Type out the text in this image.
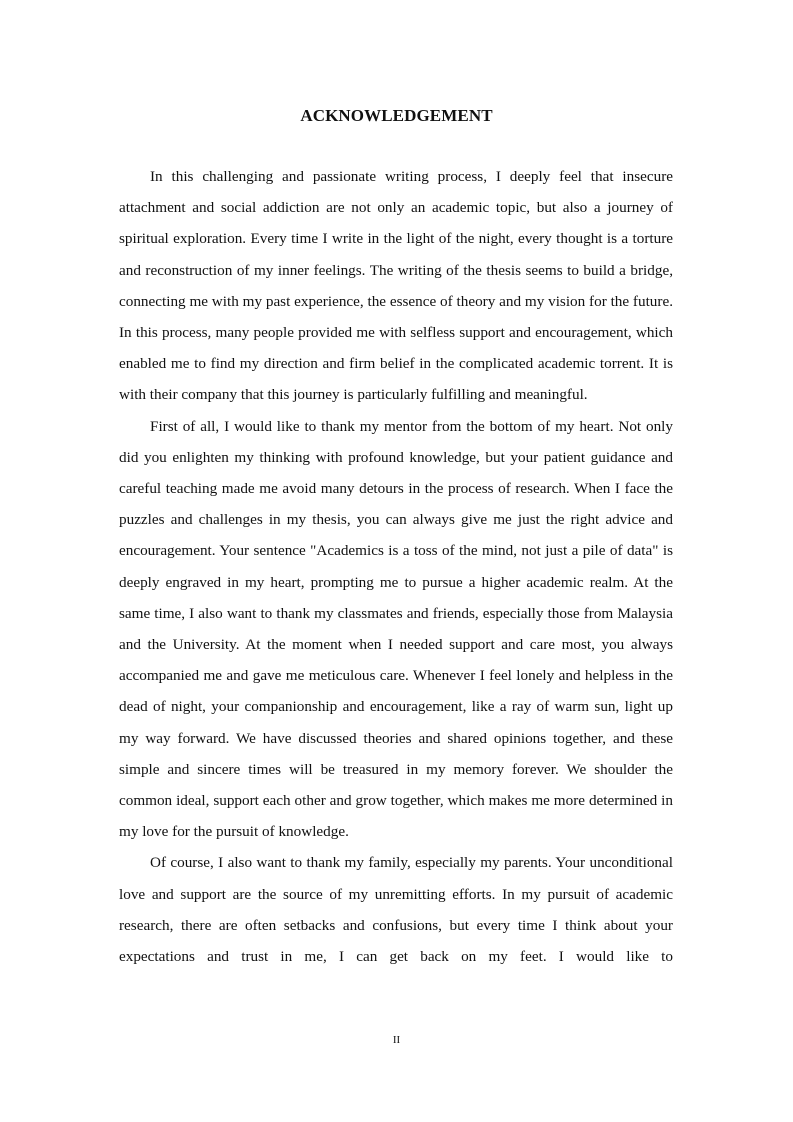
ACKNOWLEDGEMENT

In this challenging and passionate writing process, I deeply feel that insecure attachment and social addiction are not only an academic topic, but also a journey of spiritual exploration. Every time I write in the light of the night, every thought is a torture and reconstruction of my inner feelings. The writing of the thesis seems to build a bridge, connecting me with my past experience, the essence of theory and my vision for the future. In this process, many people provided me with selfless support and encouragement, which enabled me to find my direction and firm belief in the complicated academic torrent. It is with their company that this journey is particularly fulfilling and meaningful.

First of all, I would like to thank my mentor from the bottom of my heart. Not only did you enlighten my thinking with profound knowledge, but your patient guidance and careful teaching made me avoid many detours in the process of research. When I face the puzzles and challenges in my thesis, you can always give me just the right advice and encouragement. Your sentence "Academics is a toss of the mind, not just a pile of data" is deeply engraved in my heart, prompting me to pursue a higher academic realm. At the same time, I also want to thank my classmates and friends, especially those from Malaysia and the University. At the moment when I needed support and care most, you always accompanied me and gave me meticulous care. Whenever I feel lonely and helpless in the dead of night, your companionship and encouragement, like a ray of warm sun, light up my way forward. We have discussed theories and shared opinions together, and these simple and sincere times will be treasured in my memory forever. We shoulder the common ideal, support each other and grow together, which makes me more determined in my love for the pursuit of knowledge.

Of course, I also want to thank my family, especially my parents. Your unconditional love and support are the source of my unremitting efforts. In my pursuit of academic research, there are often setbacks and confusions, but every time I think about your expectations and trust in me, I can get back on my feet. I would like to

II
